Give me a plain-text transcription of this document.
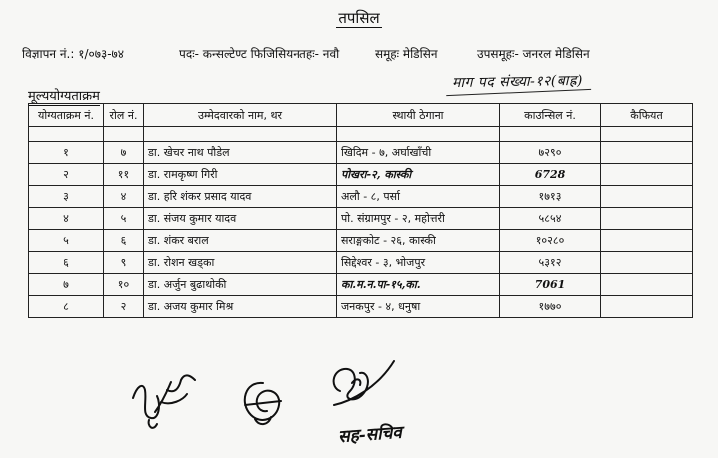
तपसिल
विज्ञापन नं.: १/०७३-७४	पदः- कन्सल्टेण्ट फिजिसियन तहः- नवौ	समूहः मेडिसिन	उपसमूहः- जनरल मेडिसिन
माग पद संख्या-१२(बाह्र)
मूल्ययोग्यताक्रम
योग्यताक्रम नं.	रोल नं.	उम्मेदवारको नाम, थर	स्थायी ठेगाना	काउन्सिल नं.	कैफियत

१	७	डा. खेचर नाथ पौडेल	खिदिम - ७, अर्घाखाँची	७२९०	
२	११	डा. रामकृष्ण गिरी	पोखरा-२, कास्की	6728	
३	४	डा. हरि शंकर प्रसाद यादव	अलौ - ८, पर्सा	१७१३	
४	५	डा. संजय कुमार यादव	पो. संग्रामपुर - २, महोत्तरी	५८५४	
५	६	डा. शंकर बराल	सराङ्गकोट - २६, कास्की	१०२८०	
६	९	डा. रोशन खड्का	सिद्देश्वर - ३, भोजपुर	५३१२	
७	१०	डा. अर्जुन बुढाथोकी	का.म.न.पा-१५,का.	7061	
८	२	डा. अजय कुमार मिश्र	जनकपुर - ४, धनुषा	१७७०	
सह-सचिव
